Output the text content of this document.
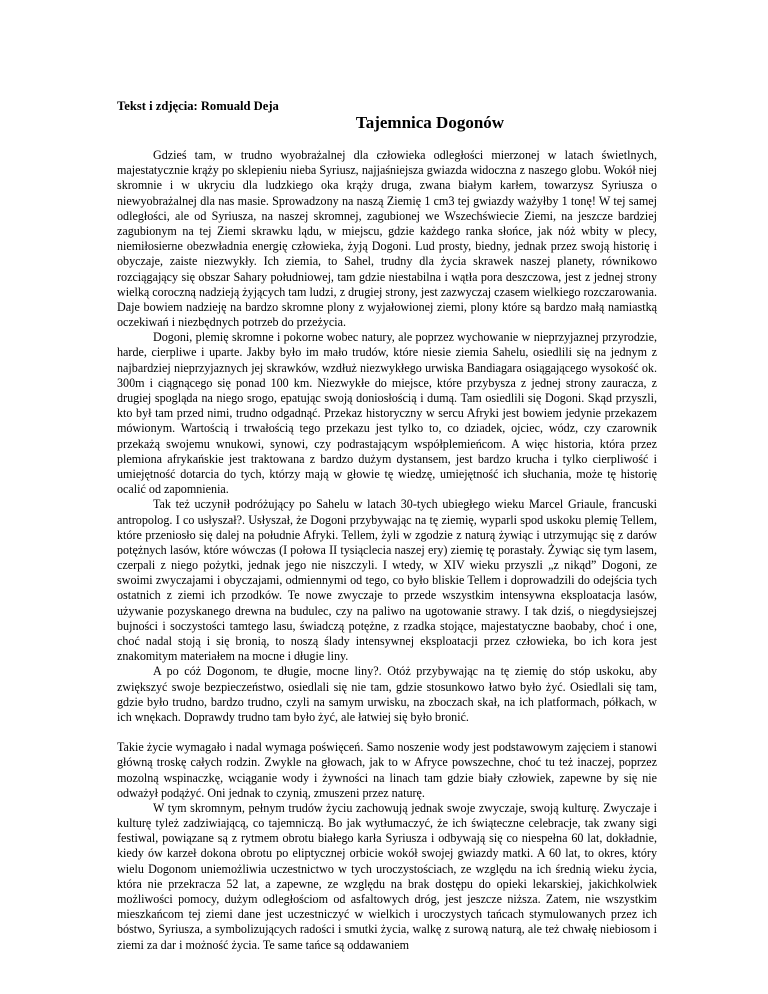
Tekst i zdjęcia: Romuald Deja
Tajemnica Dogonów

Gdzieś tam, w trudno wyobrażalnej dla człowieka odległości mierzonej w latach świetlnych, majestatycznie krąży po sklepieniu nieba Syriusz, najjaśniejsza gwiazda widoczna z naszego globu. Wokół niej skromnie i w ukryciu dla ludzkiego oka krąży druga, zwana białym karłem, towarzysz Syriusza o niewyobrażalnej dla nas masie. Sprowadzony na naszą Ziemię 1 cm3 tej gwiazdy ważyłby 1 tonę! W tej samej odległości, ale od Syriusza, na naszej skromnej, zagubionej we Wszechświecie Ziemi, na jeszcze bardziej zagubionym na tej Ziemi skrawku lądu, w miejscu, gdzie każdego ranka słońce, jak nóż wbity w plecy, niemiłosierne obezwładnia energię człowieka, żyją Dogoni. Lud prosty, biedny, jednak przez swoją historię i obyczaje, zaiste niezwykły. Ich ziemia, to Sahel, trudny dla życia skrawek naszej planety, równikowo rozciągający się obszar Sahary południowej, tam gdzie niestabilna i wątła pora deszczowa, jest z jednej strony wielką coroczną nadzieją żyjących tam ludzi, z drugiej strony, jest zazwyczaj czasem wielkiego rozczarowania. Daje bowiem nadzieję na bardzo skromne plony z wyjałowionej ziemi, plony które są bardzo małą namiastką oczekiwań i niezbędnych potrzeb do przeżycia.

Dogoni, plemię skromne i pokorne wobec natury, ale poprzez wychowanie w nieprzyjaznej przyrodzie, harde, cierpliwe i uparte. Jakby było im mało trudów, które niesie ziemia Sahelu, osiedlili się na jednym z najbardziej nieprzyjaznych jej skrawków, wzdłuż niezwykłego urwiska Bandiagara osiągającego wysokość ok. 300m i ciągnącego się ponad 100 km. Niezwykłe do miejsce, które przybysza z jednej strony zauracza, z drugiej spogląda na niego srogo, epatując swoją doniosłością i dumą. Tam osiedlili się Dogoni. Skąd przyszli, kto był tam przed nimi, trudno odgadnąć. Przekaz historyczny w sercu Afryki jest bowiem jedynie przekazem mówionym. Wartością i trwałością tego przekazu jest tylko to, co dziadek, ojciec, wódz, czy czarownik przekażą swojemu wnukowi, synowi, czy podrastającym współplemieńcom. A więc historia, która przez plemiona afrykańskie jest traktowana z bardzo dużym dystansem, jest bardzo krucha i tylko cierpliwość i umiejętność dotarcia do tych, którzy mają w głowie tę wiedzę, umiejętność ich słuchania, może tę historię ocalić od zapomnienia.

Tak też uczynił podróżujący po Sahelu w latach 30-tych ubiegłego wieku Marcel Griaule, francuski antropolog. I co usłyszał?. Usłyszał, że Dogoni przybywając na tę ziemię, wyparli spod uskoku plemię Tellem, które przeniosło się dalej na południe Afryki. Tellem, żyli w zgodzie z naturą żywiąc i utrzymując się z darów potężnych lasów, które wówczas (I połowa II tysiąclecia naszej ery) ziemię tę porastały. Żywiąc się tym lasem, czerpali z niego pożytki, jednak jego nie niszczyli. I wtedy, w XIV wieku przyszli „z nikąd” Dogoni, ze swoimi zwyczajami i obyczajami, odmiennymi od tego, co było bliskie Tellem i doprowadzili do odejścia tych ostatnich z ziemi ich przodków. Te nowe zwyczaje to przede wszystkim intensywna eksploatacja lasów, używanie pozyskanego drewna na budulec, czy na paliwo na ugotowanie strawy. I tak dziś, o niegdysiejszej bujności i soczystości tamtego lasu, świadczą potężne, z rzadka stojące, majestatyczne baobaby, choć i one, choć nadal stoją i się bronią, to noszą ślady intensywnej eksploatacji przez człowieka, bo ich kora jest znakomitym materiałem na mocne i długie liny.

A po cóż Dogonom, te długie, mocne liny?. Otóż przybywając na tę ziemię do stóp uskoku, aby zwiększyć swoje bezpieczeństwo, osiedlali się nie tam, gdzie stosunkowo łatwo było żyć. Osiedlali się tam, gdzie było trudno, bardzo trudno, czyli na samym urwisku, na zboczach skał, na ich platformach, półkach, w ich wnękach. Doprawdy trudno tam było żyć, ale łatwiej się było bronić.

Takie życie wymagało i nadal wymaga poświęceń. Samo noszenie wody jest podstawowym zajęciem i stanowi główną troskę całych rodzin. Zwykle na głowach, jak to w Afryce powszechne, choć tu też inaczej, poprzez mozolną wspinaczkę, wciąganie wody i żywności na linach tam gdzie biały człowiek, zapewne by się nie odważył podążyć. Oni jednak to czynią, zmuszeni przez naturę.

W tym skromnym, pełnym trudów życiu zachowują jednak swoje zwyczaje, swoją kulturę. Zwyczaje i kulturę tyleż zadziwiającą, co tajemniczą. Bo jak wytłumaczyć, że ich świąteczne celebracje, tak zwany sigi festiwal, powiązane są z rytmem obrotu białego karła Syriusza i odbywają się co niespełna 60 lat, dokładnie, kiedy ów karzeł dokona obrotu po eliptycznej orbicie wokół swojej gwiazdy matki. A 60 lat, to okres, który wielu Dogonom uniemożliwia uczestnictwo w tych uroczystościach, ze względu na ich średnią wieku życia, która nie przekracza 52 lat, a zapewne, ze względu na brak dostępu do opieki lekarskiej, jakichkolwiek możliwości pomocy, dużym odległościom od asfaltowych dróg, jest jeszcze niższa. Zatem, nie wszystkim mieszkańcom tej ziemi dane jest uczestniczyć w wielkich i uroczystych tańcach stymulowanych przez ich bóstwo, Syriusza, a symbolizujących radości i smutki życia, walkę z surową naturą, ale też chwałę niebiosom i ziemi za dar i możność życia. Te same tańce są oddawaniem
